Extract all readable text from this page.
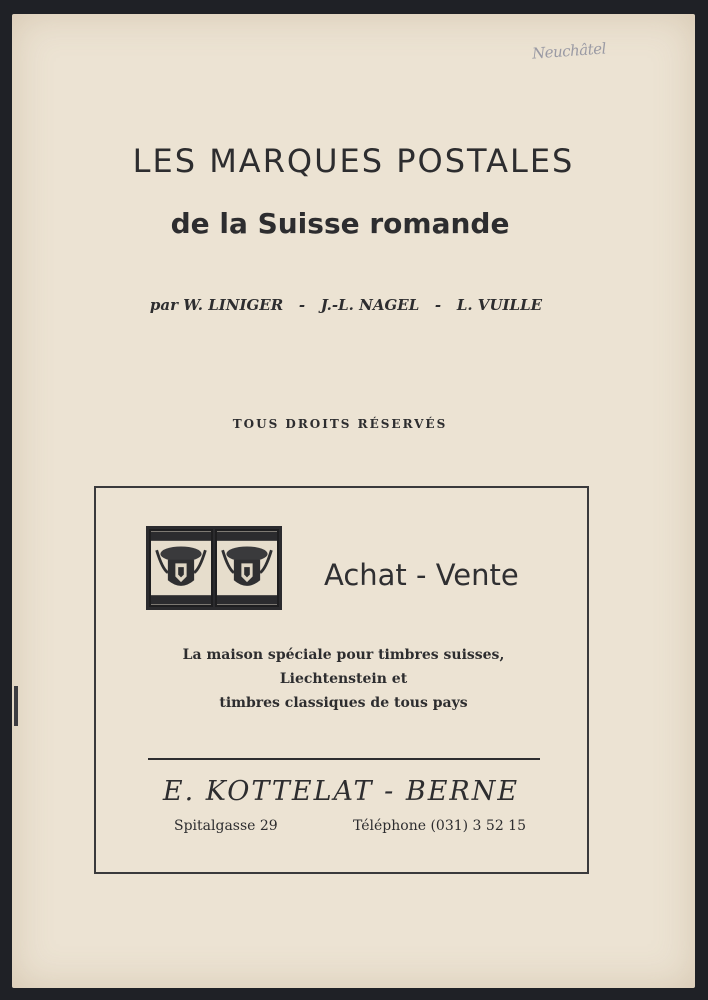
Neuchâtel
LES MARQUES POSTALES
de la Suisse romande
par W. LINIGER   -   J.-L. NAGEL   -   L. VUILLE
TOUS DROITS RÉSERVÉS
Achat - Vente
La maison spéciale pour timbres suisses,
Liechtenstein et
timbres classiques de tous pays
E. KOTTELAT - BERNE
Spitalgasse 29	Téléphone (031) 3 52 15
